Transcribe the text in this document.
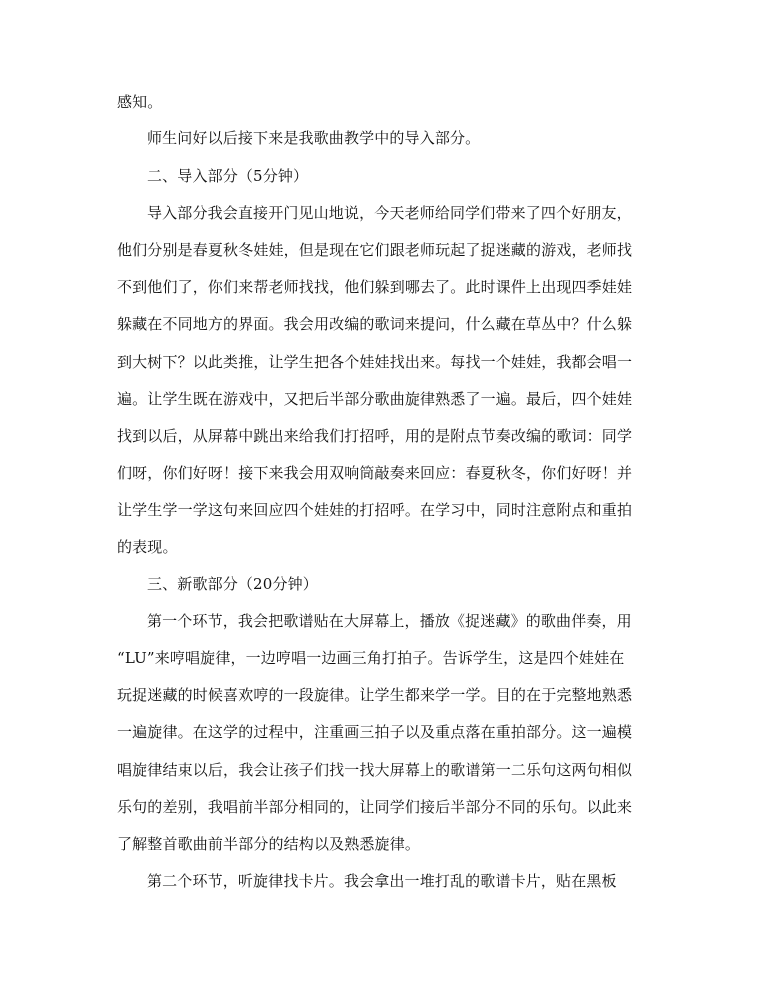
感知。
师生问好以后接下来是我歌曲教学中的导入部分。
二、导入部分（5分钟）
导入部分我会直接开门见山地说，今天老师给同学们带来了四个好朋友，
他们分别是春夏秋冬娃娃，但是现在它们跟老师玩起了捉迷藏的游戏，老师找
不到他们了，你们来帮老师找找，他们躲到哪去了。此时课件上出现四季娃娃
躲藏在不同地方的界面。我会用改编的歌词来提问，什么藏在草丛中？什么躲
到大树下？以此类推，让学生把各个娃娃找出来。每找一个娃娃，我都会唱一
遍。让学生既在游戏中，又把后半部分歌曲旋律熟悉了一遍。最后，四个娃娃
找到以后，从屏幕中跳出来给我们打招呼，用的是附点节奏改编的歌词：同学
们呀，你们好呀！接下来我会用双响筒敲奏来回应：春夏秋冬，你们好呀！并
让学生学一学这句来回应四个娃娃的打招呼。在学习中，同时注意附点和重拍
的表现。
三、新歌部分（20分钟）
第一个环节，我会把歌谱贴在大屏幕上，播放《捉迷藏》的歌曲伴奏，用
“LU”来哼唱旋律，一边哼唱一边画三角打拍子。告诉学生，这是四个娃娃在
玩捉迷藏的时候喜欢哼的一段旋律。让学生都来学一学。目的在于完整地熟悉
一遍旋律。在这学的过程中，注重画三拍子以及重点落在重拍部分。这一遍模
唱旋律结束以后，我会让孩子们找一找大屏幕上的歌谱第一二乐句这两句相似
乐句的差别，我唱前半部分相同的，让同学们接后半部分不同的乐句。以此来
了解整首歌曲前半部分的结构以及熟悉旋律。
第二个环节，听旋律找卡片。我会拿出一堆打乱的歌谱卡片，贴在黑板
